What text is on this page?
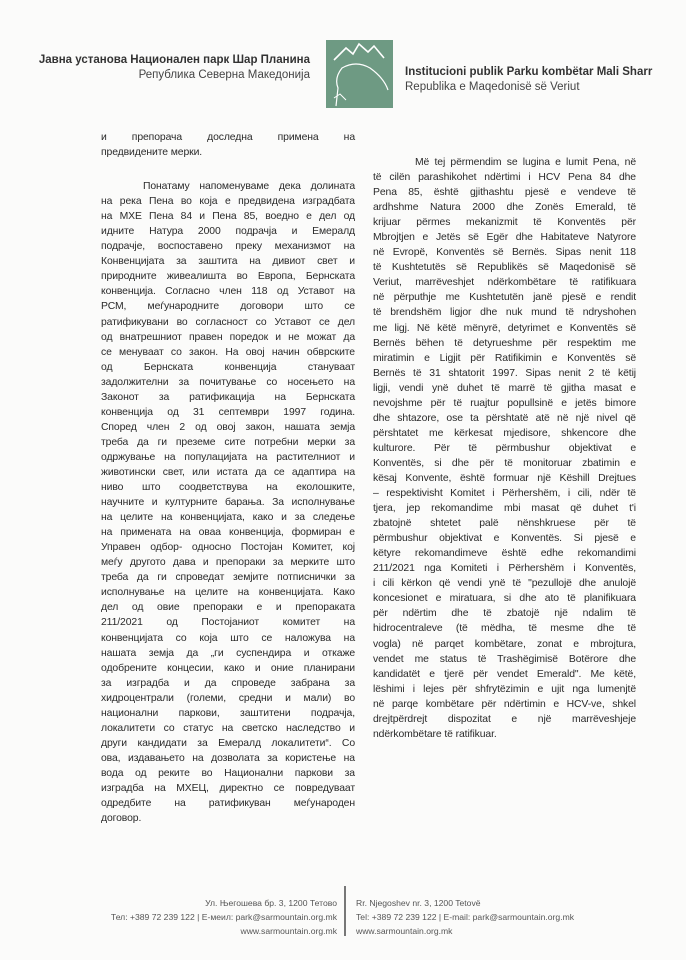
Јавна установа Национален парк Шар Планина
Република Северна Македонија	Institucioni publik Parku kombëtar Mali Sharr
Republika e Maqedonisë së Veriut
и препорача доследна примена на
предвидените мерки.
Понатаму напоменуваме дека долината
на река Пена во која е предвидена изградбата
на МХЕ Пена 84 и Пена 85, воедно е дел од
идните Натура 2000 подрачја и Емералд
подрачје, воспоставено преку механизмот на
Конвенцијата за заштита на дивиот свет и
природните живеалишта во Европа, Бернската
конвенција. Согласно член 118 од Уставот на
РСМ, меѓународните договори што се
ратификувани во согласност со Уставот се дел
од внатрешниот правен поредок и не можат да
се менуваат со закон. На овој начин обврските
од Бернската конвенција стануваат
задолжителни за почитување со носењето на
Законот за ратификација на Бернската
конвенција од 31 септември 1997 година.
Според член 2 од овој закон, нашата земја
треба да ги преземе сите потребни мерки за
одржување на популацијата на растителниот и
животински свет, или истата да се адаптира на
ниво што соодветствува на еколошките,
научните и културните барања. За исполнување
на целите на конвенцијата, како и за следење
на примената на оваа конвенција, формиран е
Управен одбор- односно Постојан Комитет, кој
меѓу другото дава и препораки за мерките што
треба да ги спроведат земјите потписнички за
исполнување на целите на конвенцијата. Како
дел од овие препораки е и препораката
211/2021 од Постојаниот комитет на
конвенцијата со која што се наложува на
нашата земја да „ги суспендира и откаже
одобрените концесии, како и оние планирани
за изградба и да спроведе забрана за
хидроцентрали (големи, средни и мали) во
национални паркови, заштитени подрачја,
локалитети со статус на светско наследство и
други кандидати за Емералд локалитети“. Со
ова, издавањето на дозволата за користење на
вода од реките во Национални паркови за
изградба на МХЕЦ, директно се повредуваат
одредбите на ратификуван меѓународен
договор.
Më tej përmendim se lugina e lumit Pena, në
të cilën parashikohet ndërtimi i HCV Pena 84 dhe
Pena 85, është gjithashtu pjesë e vendeve të
ardhshme Natura 2000 dhe Zonës Emerald, të
krijuar përmes mekanizmit të Konventës për
Mbrojtjen e Jetës së Egër dhe Habitateve Natyrore
në Evropë, Konventës së Bernës. Sipas nenit 118
të Kushtetutës së Republikës së Maqedonisë së
Veriut, marrëveshjet ndërkombëtare të ratifikuara
në përputhje me Kushtetutën janë pjesë e rendit
të brendshëm ligjor dhe nuk mund të ndryshohen
me ligj. Në këtë mënyrë, detyrimet e Konventës së
Bernës bëhen të detyrueshme për respektim me
miratimin e Ligjit për Ratifikimin e Konventës së
Bernës të 31 shtatorit 1997. Sipas nenit 2 të këtij
ligji, vendi ynë duhet të marrë të gjitha masat e
nevojshme për të ruajtur popullsinë e jetës bimore
dhe shtazore, ose ta përshtatë atë në një nivel që
përshtatet me kërkesat mjedisore, shkencore dhe
kulturore. Për të përmbushur objektivat e
Konventës, si dhe për të monitoruar zbatimin e
kësaj Konvente, është formuar një Këshill Drejtues
– respektivisht Komitet i Përhershëm, i cili, ndër të
tjera, jep rekomandime mbi masat që duhet t'i
zbatojnë shtetet palë nënshkruese për të
përmbushur objektivat e Konventës. Si pjesë e
këtyre rekomandimeve është edhe rekomandimi
211/2021 nga Komiteti i Përhershëm i Konventës,
i cili kërkon që vendi ynë të "pezullojë dhe anulojë
koncesionet e miratuara, si dhe ato të planifikuara
për ndërtim dhe të zbatojë një ndalim të
hidrocentraleve (të mëdha, të mesme dhe të
vogla) në parqet kombëtare, zonat e mbrojtura,
vendet me status të Trashëgimisë Botërore dhe
kandidatët e tjerë për vendet Emerald". Me këtë,
lëshimi i lejes për shfrytëzimin e ujit nga lumenjtë
në parqe kombëtare për ndërtimin e HCV-ve, shkel
drejtpërdrejt dispozitat e një marrëveshjeje
ndërkombëtare të ratifikuar.
Ул. Његошева бр. 3, 1200 Тетово
Тел: +389 72 239 122 | Е-меил: park@sarmountain.org.mk
www.sarmountain.org.mk
Rr. Njegoshev nr. 3, 1200 Tetovë
Tel: +389 72 239 122 | E-mail: park@sarmountain.org.mk
www.sarmountain.org.mk
